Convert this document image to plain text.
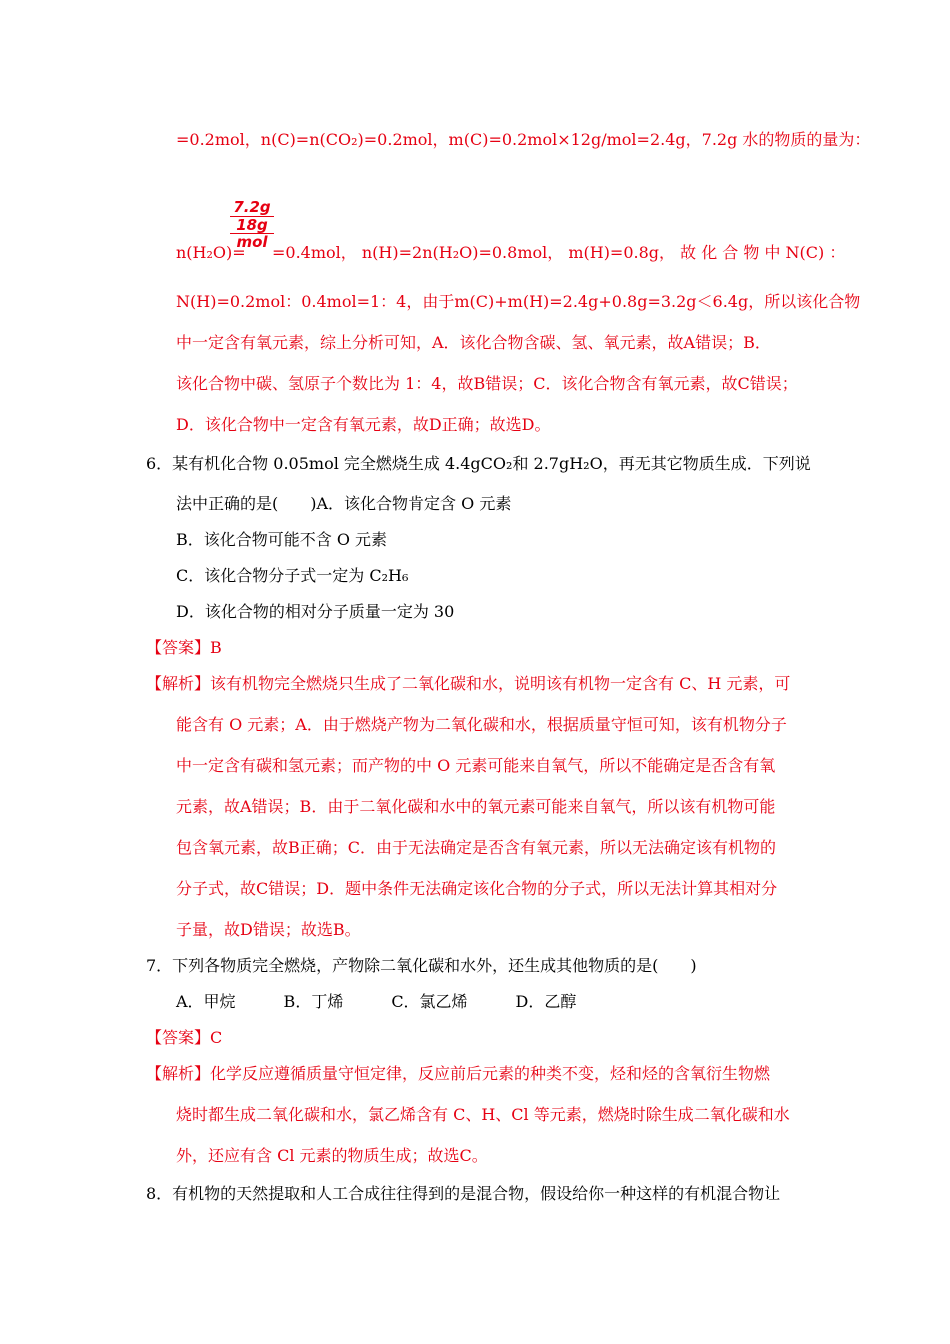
=0.2mol，n(C)=n(CO₂)=0.2mol，m(C)=0.2mol×12g/mol=2.4g，7.2g 水的物质的量为：
7.2g
18g
mol
n(H₂O)= =0.4mol， n(H)=2n(H₂O)=0.8mol， m(H)=0.8g， 故 化 合 物 中 N(C) ：
N(H)=0.2mol：0.4mol=1：4，由于m(C)+m(H)=2.4g+0.8g=3.2g＜6.4g，所以该化合物
中一定含有氧元素，综上分析可知，A．该化合物含碳、氢、氧元素，故A错误；B．
该化合物中碳、氢原子个数比为 1：4，故B错误；C．该化合物含有氧元素，故C错误；
D．该化合物中一定含有氧元素，故D正确；故选D。
6．某有机化合物 0.05mol 完全燃烧生成 4.4gCO₂和 2.7gH₂O，再无其它物质生成．下列说
法中正确的是(　　)A．该化合物肯定含 O 元素
B．该化合物可能不含 O 元素
C．该化合物分子式一定为 C₂H₆
D．该化合物的相对分子质量一定为 30
【答案】B
【解析】该有机物完全燃烧只生成了二氧化碳和水，说明该有机物一定含有 C、H 元素，可
能含有 O 元素；A．由于燃烧产物为二氧化碳和水，根据质量守恒可知，该有机物分子
中一定含有碳和氢元素；而产物的中 O 元素可能来自氧气，所以不能确定是否含有氧
元素，故A错误；B．由于二氧化碳和水中的氧元素可能来自氧气，所以该有机物可能
包含氧元素，故B正确；C．由于无法确定是否含有氧元素，所以无法确定该有机物的
分子式，故C错误；D．题中条件无法确定该化合物的分子式，所以无法计算其相对分
子量，故D错误；故选B。
7．下列各物质完全燃烧，产物除二氧化碳和水外，还生成其他物质的是(　　)
A．甲烷　　　B．丁烯　　　C．氯乙烯　　　D．乙醇
【答案】C
【解析】化学反应遵循质量守恒定律，反应前后元素的种类不变，烃和烃的含氧衍生物燃
烧时都生成二氧化碳和水，氯乙烯含有 C、H、Cl 等元素，燃烧时除生成二氧化碳和水
外，还应有含 Cl 元素的物质生成；故选C。
8．有机物的天然提取和人工合成往往得到的是混合物，假设给你一种这样的有机混合物让
